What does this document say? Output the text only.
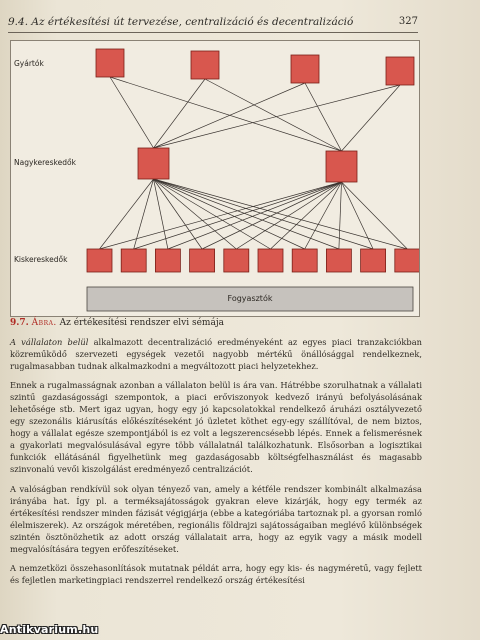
9.4. Az értékesítési út tervezése, centralizáció és decentralizáció	327
Gyártók
Nagykereskedők
Kiskereskedők
Fogyasztók
9.7. Ábra. Az értékesítési rendszer elvi sémája

A vállalaton belül alkalmazott decentralizáció eredményeként az egyes piaci tranzakciókban közreműködő szervezeti egységek vezetői nagyobb mértékű önállósággal rendelkeznek, rugalmasabban tudnak alkalmazkodni a megváltozott piaci helyzetekhez.

Ennek a rugalmasságnak azonban a vállalaton belül is ára van. Hátrébbe szorulhatnak a vállalati szintű gazdaságossági szempontok, a piaci erőviszonyok kedvező irányú befolyásolásának lehetősége stb. Mert igaz ugyan, hogy egy jó kapcsolatokkal rendelkező áruházi osztályvezető egy szezonális kiárusítás előkészítéseként jó üzletet köthet egy-egy szállítóval, de nem biztos, hogy a vállalat egésze szempontjából is ez volt a legszerencsésebb lépés. Ennek a felismerésnek a gyakorlati megvalósulásával egyre több vállalatnál találkozhatunk. Elsősorban a logisztikai funkciók ellátásánál figyelhetünk meg gazdaságosabb költségfelhasználást és magasabb szinvonalú vevői kiszolgálást eredményező centralizációt.

A valóságban rendkívül sok olyan tényező van, amely a kétféle rendszer kombinált alkalmazása irányába hat. Így pl. a terméksajátosságok gyakran eleve kizárják, hogy egy termék az értékesítési rendszer minden fázisát végigjárja (ebbe a kategóriába tartoznak pl. a gyorsan romló élelmiszerek). Az országok méretében, regionális földrajzi sajátosságaiban meglévő különbségek szintén ösztönözhetik az adott ország vállalatait arra, hogy az egyik vagy a másik modell megvalósítására tegyen erőfeszítéseket.

A nemzetközi összehasonlítások mutatnak példát arra, hogy egy kis- és nagyméretű, vagy fejlett és fejletlen marketingpiaci rendszerrel rendelkező ország értékesítési

Antikvarium.hu
